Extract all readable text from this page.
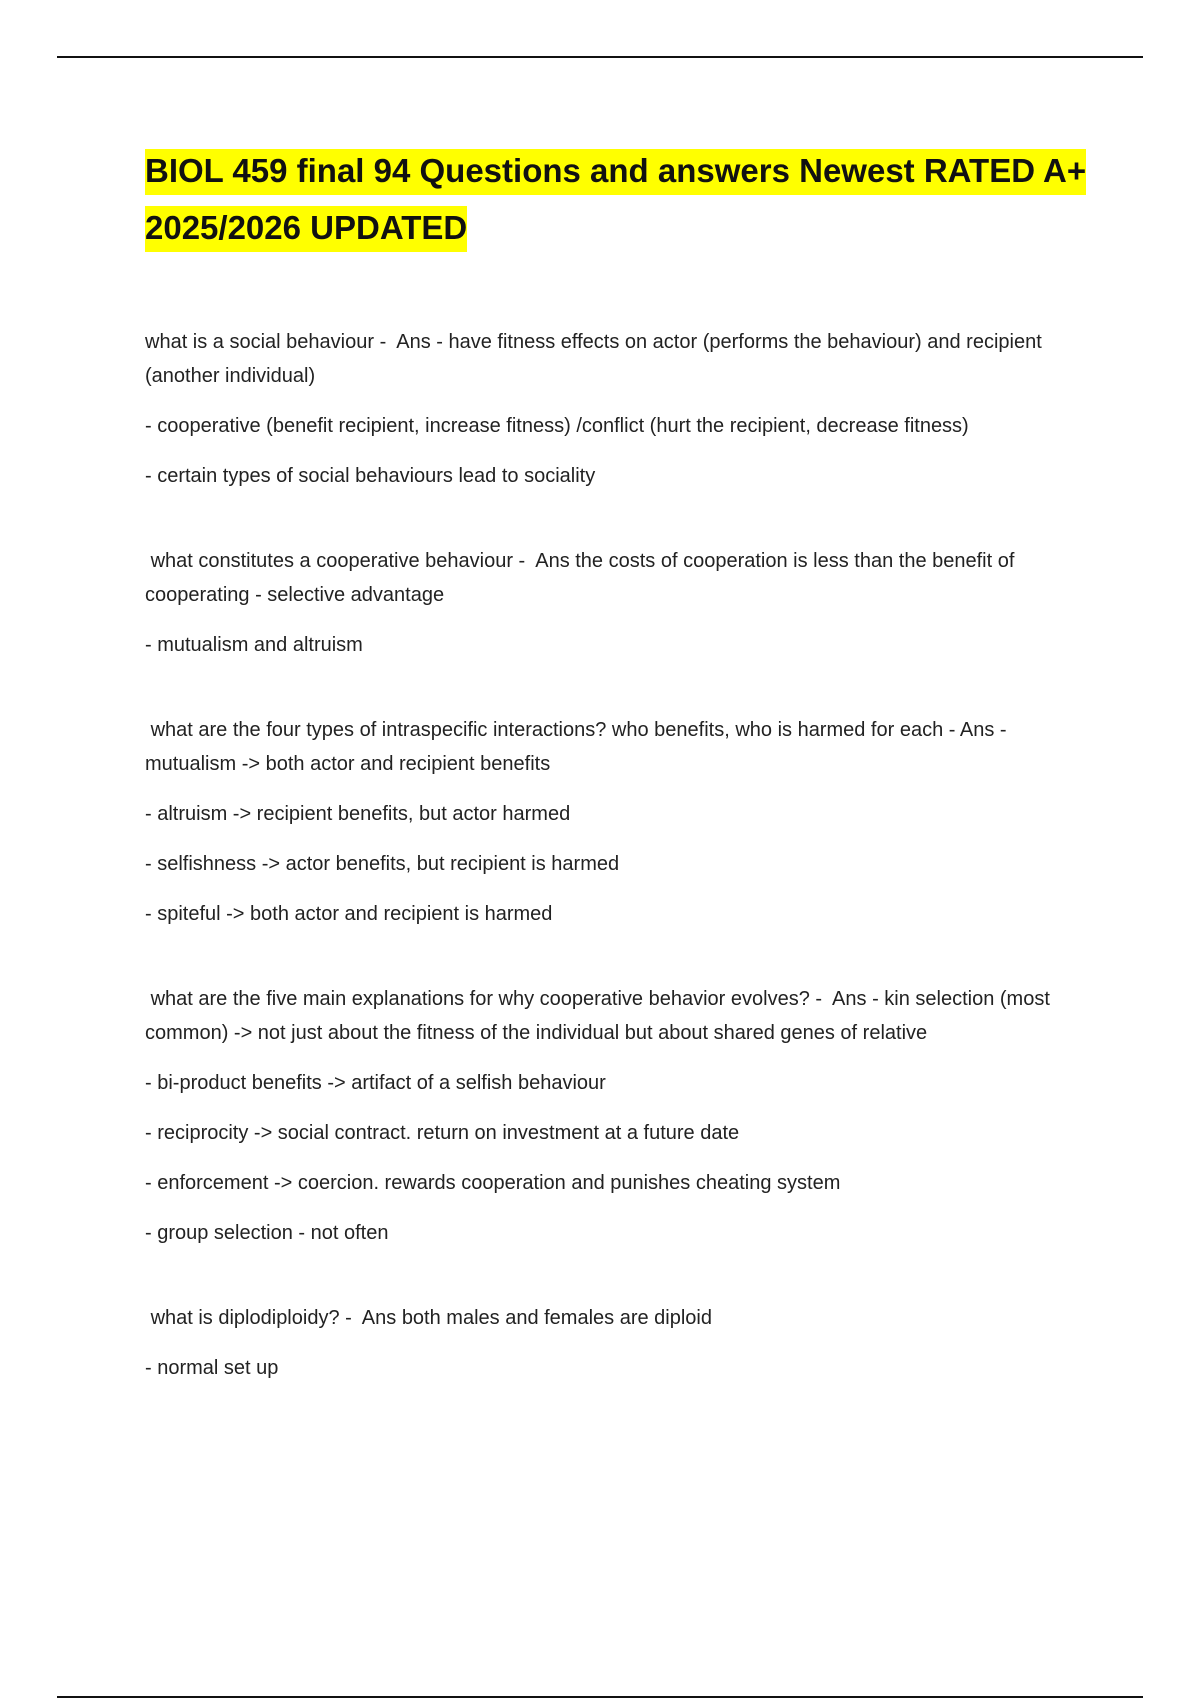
BIOL 459 final 94 Questions and answers Newest RATED A+ 2025/2026 UPDATED

what is a social behaviour -  Ans - have fitness effects on actor (performs the behaviour) and recipient (another individual)

- cooperative (benefit recipient, increase fitness) /conflict (hurt the recipient, decrease fitness)

- certain types of social behaviours lead to sociality

what constitutes a cooperative behaviour -  Ans the costs of cooperation is less than the benefit of cooperating - selective advantage

- mutualism and altruism

what are the four types of intraspecific interactions? who benefits, who is harmed for each - Ans - mutualism -> both actor and recipient benefits

- altruism -> recipient benefits, but actor harmed

- selfishness -> actor benefits, but recipient is harmed

- spiteful -> both actor and recipient is harmed

what are the five main explanations for why cooperative behavior evolves? -  Ans - kin selection (most common) -> not just about the fitness of the individual but about shared genes of relative

- bi-product benefits -> artifact of a selfish behaviour

- reciprocity -> social contract. return on investment at a future date

- enforcement -> coercion. rewards cooperation and punishes cheating system

- group selection - not often

what is diplodiploidy? -  Ans both males and females are diploid

- normal set up
